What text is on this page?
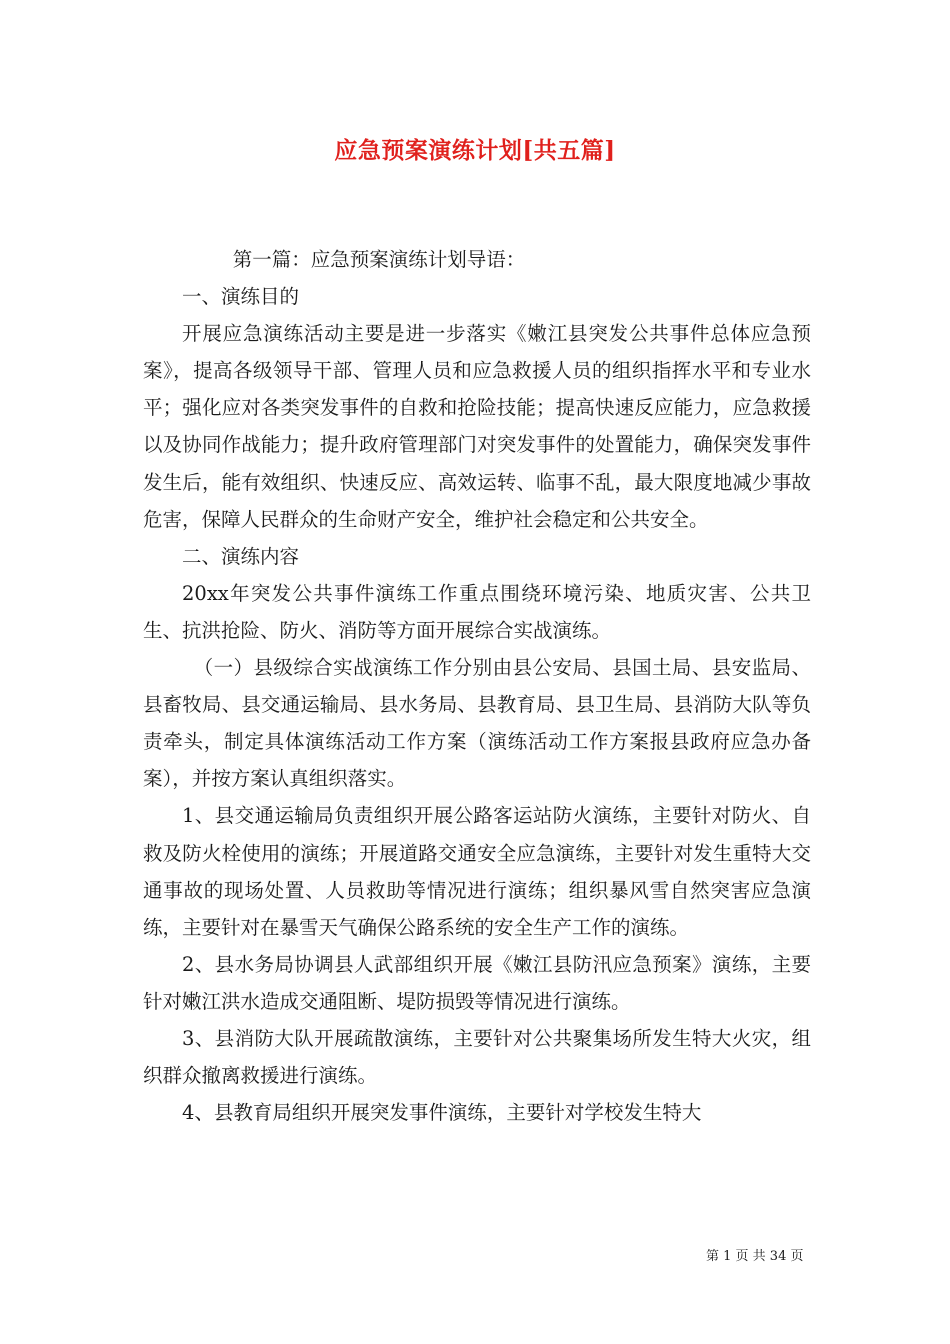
应急预案演练计划[共五篇]

第一篇：应急预案演练计划导语：

一、演练目的

开展应急演练活动主要是进一步落实《嫩江县突发公共事件总体应急预案》，提高各级领导干部、管理人员和应急救援人员的组织指挥水平和专业水平；强化应对各类突发事件的自救和抢险技能；提高快速反应能力，应急救援以及协同作战能力；提升政府管理部门对突发事件的处置能力，确保突发事件发生后，能有效组织、快速反应、高效运转、临事不乱，最大限度地减少事故危害，保障人民群众的生命财产安全，维护社会稳定和公共安全。

二、演练内容

20xx年突发公共事件演练工作重点围绕环境污染、地质灾害、公共卫生、抗洪抢险、防火、消防等方面开展综合实战演练。

（一）县级综合实战演练工作分别由县公安局、县国土局、县安监局、县畜牧局、县交通运输局、县水务局、县教育局、县卫生局、县消防大队等负责牵头，制定具体演练活动工作方案（演练活动工作方案报县政府应急办备案），并按方案认真组织落实。

1、县交通运输局负责组织开展公路客运站防火演练，主要针对防火、自救及防火栓使用的演练；开展道路交通安全应急演练，主要针对发生重特大交通事故的现场处置、人员救助等情况进行演练；组织暴风雪自然突害应急演练，主要针对在暴雪天气确保公路系统的安全生产工作的演练。

2、县水务局协调县人武部组织开展《嫩江县防汛应急预案》演练，主要针对嫩江洪水造成交通阻断、堤防损毁等情况进行演练。

3、县消防大队开展疏散演练，主要针对公共聚集场所发生特大火灾，组织群众撤离救援进行演练。

4、县教育局组织开展突发事件演练，主要针对学校发生特大

第 1 页 共 34 页
